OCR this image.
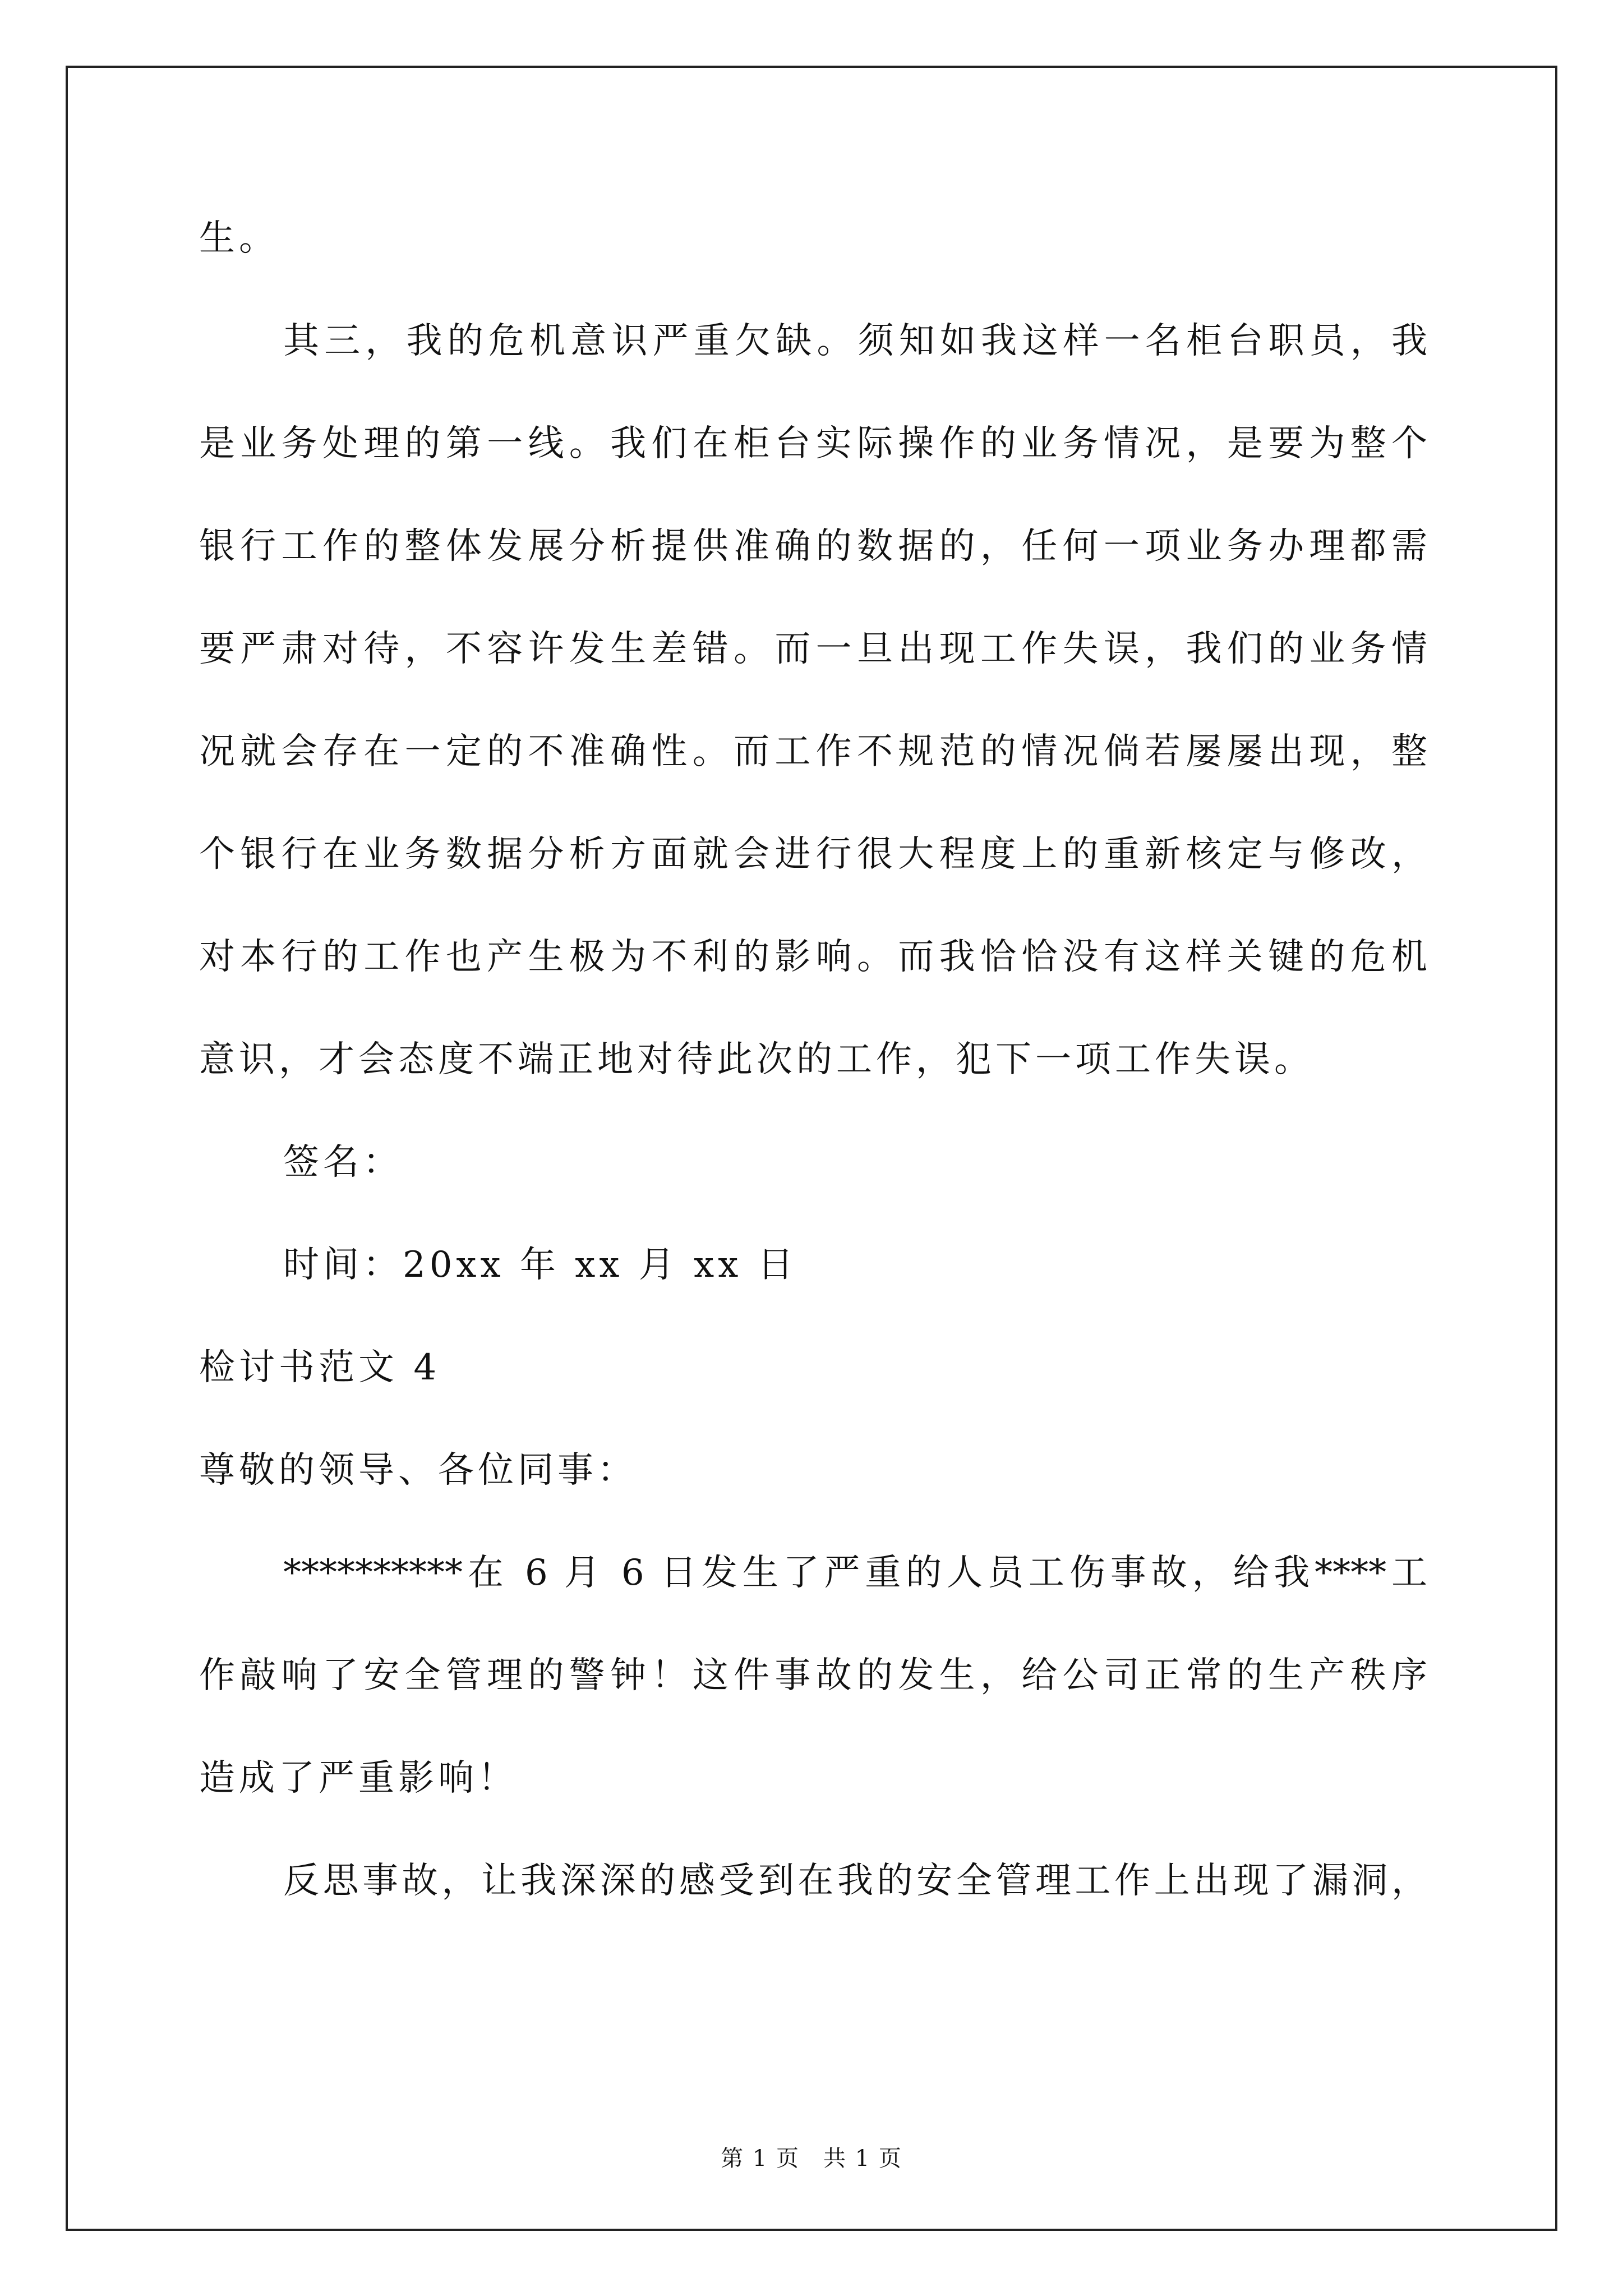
生。
其三，我的危机意识严重欠缺。须知如我这样一名柜台职员，我
是业务处理的第一线。我们在柜台实际操作的业务情况，是要为整个
银行工作的整体发展分析提供准确的数据的，任何一项业务办理都需
要严肃对待，不容许发生差错。而一旦出现工作失误，我们的业务情
况就会存在一定的不准确性。而工作不规范的情况倘若屡屡出现，整
个银行在业务数据分析方面就会进行很大程度上的重新核定与修改，
对本行的工作也产生极为不利的影响。而我恰恰没有这样关键的危机
意识，才会态度不端正地对待此次的工作，犯下一项工作失误。
签名：
时间：20xx 年 xx 月 xx 日
检讨书范文 4
尊敬的领导、各位同事：
**********在 6 月 6 日发生了严重的人员工伤事故，给我****工
作敲响了安全管理的警钟！这件事故的发生，给公司正常的生产秩序
造成了严重影响！
反思事故，让我深深的感受到在我的安全管理工作上出现了漏洞，
第 1 页　共 1 页
